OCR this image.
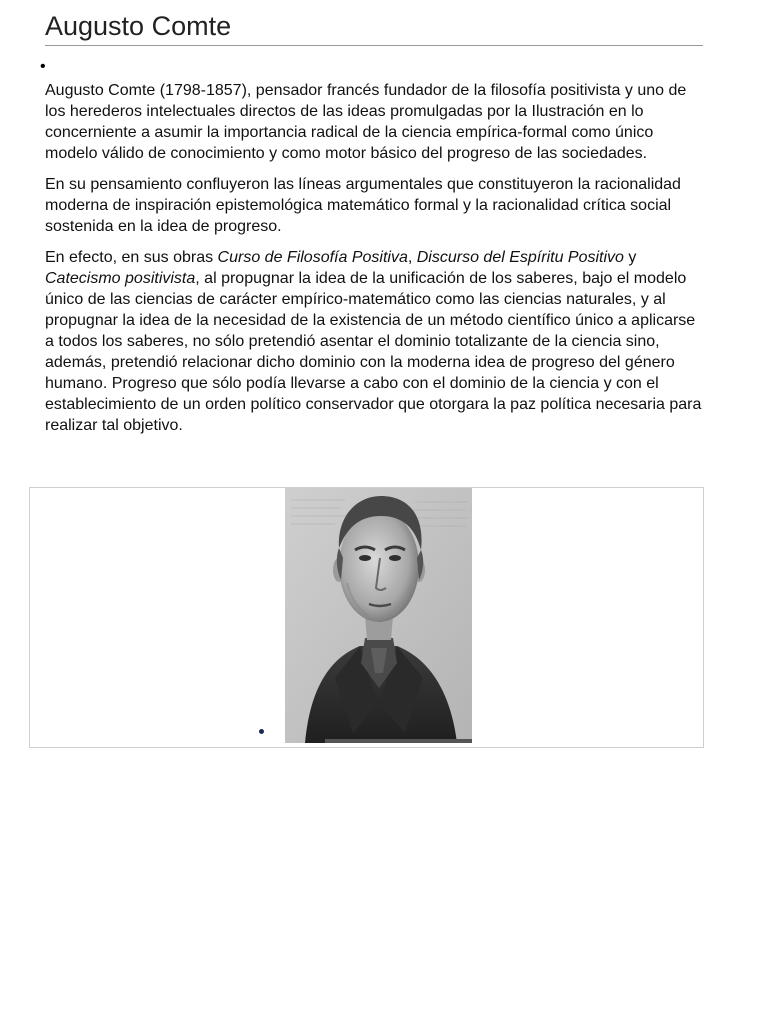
Augusto Comte
•

Augusto Comte (1798-1857), pensador francés fundador de la filosofía positivista y uno de los herederos intelectuales directos de las ideas promulgadas por la Ilustración en lo concerniente a asumir la importancia radical de la ciencia empírica-formal como único modelo válido de conocimiento y como motor básico del progreso de las sociedades.

En su pensamiento confluyeron las líneas argumentales que constituyeron la racionalidad moderna de inspiración epistemológica matemático formal y la racionalidad crítica social sostenida en la idea de progreso.

En efecto, en sus obras Curso de Filosofía Positiva, Discurso del Espíritu Positivo y Catecismo positivista, al propugnar la idea de la unificación de los saberes, bajo el modelo único de las ciencias de carácter empírico-matemático como las ciencias naturales, y al propugnar la idea de la necesidad de la existencia de un método científico único a aplicarse a todos los saberes, no sólo pretendió asentar el dominio totalizante de la ciencia sino, además, pretendió relacionar dicho dominio con la moderna idea de progreso del género humano. Progreso que sólo podía llevarse a cabo con el dominio de la ciencia y con el establecimiento de un orden político conservador que otorgara la paz política necesaria para realizar tal objetivo.
